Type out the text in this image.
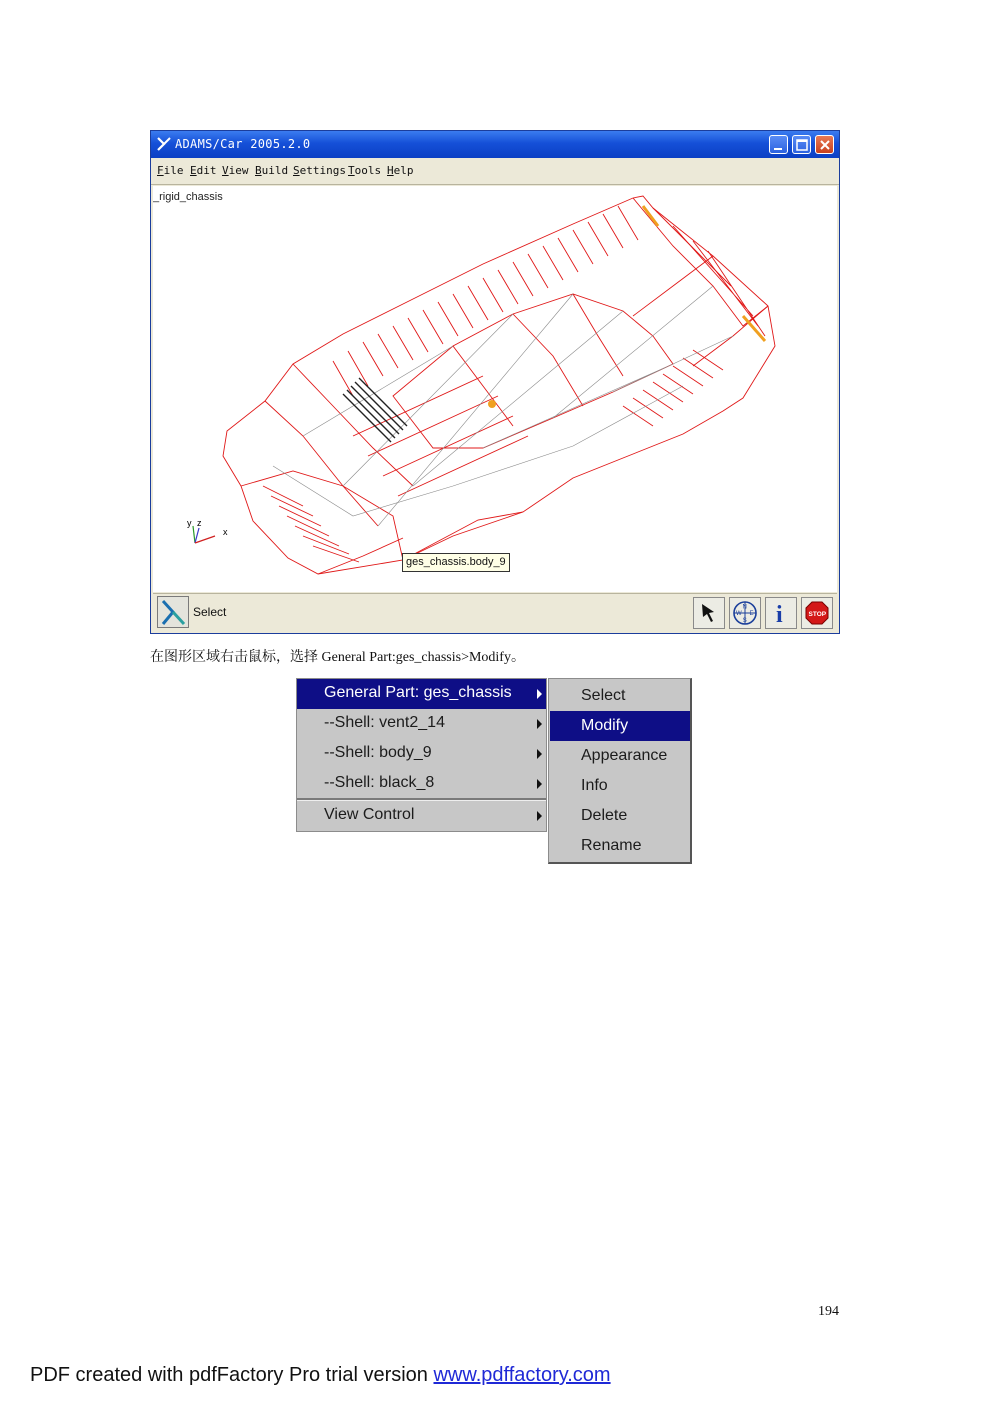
ADAMS/Car 2005.2.0
File Edit View Build Settings Tools Help
_rigid_chassis
y z
x
ges_chassis.body_9
Select	N
W E
S i	STOP
在图形区域右击鼠标，选择 General Part:ges_chassis>Modify。
General Part: ges_chassis
--Shell: vent2_14
--Shell: body_9
--Shell: black_8
View Control
Select
Modify
Appearance
Info
Delete
Rename
194
PDF created with pdfFactory Pro trial version www.pdffactory.com
